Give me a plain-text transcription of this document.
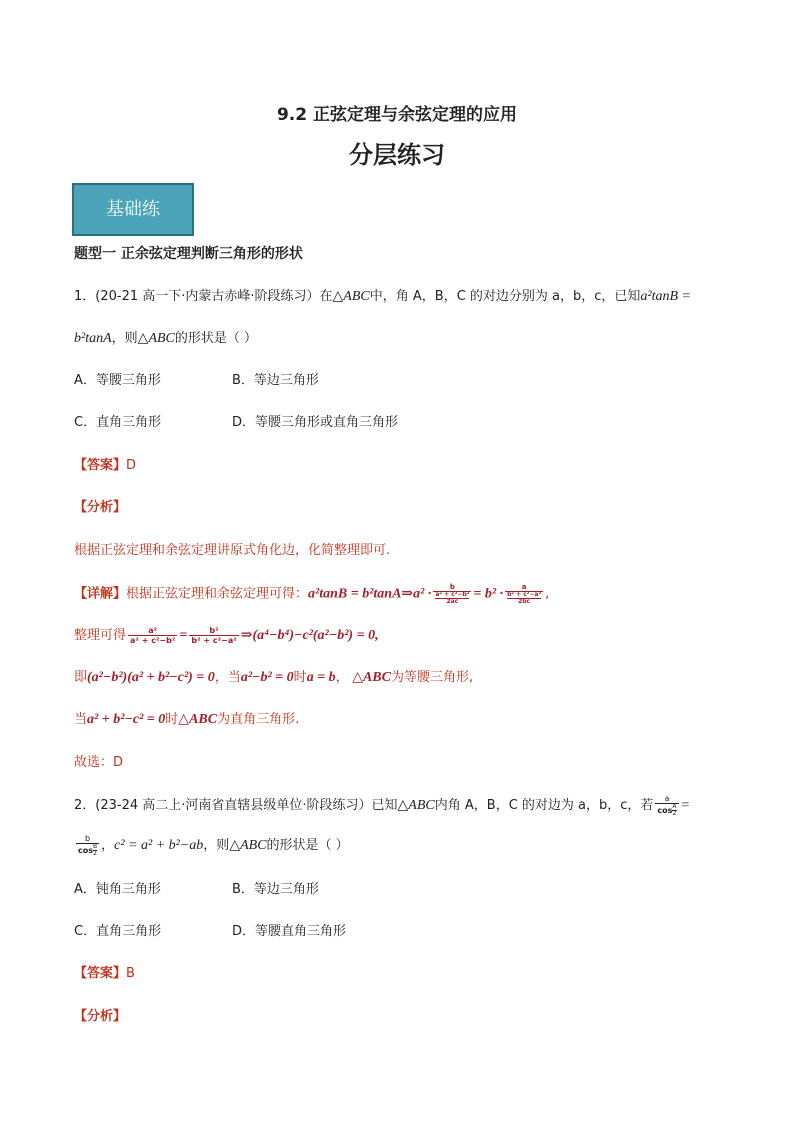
9.2 正弦定理与余弦定理的应用
分层练习
基础练
题型一 正余弦定理判断三角形的形状
1．(20-21 高一下·内蒙古赤峰·阶段练习）在△ABC中，角 A，B，C 的对边分别为 a，b，c，已知a²tanB =
b²tanA，则△ABC的形状是（ ）
A．等腰三角形	B．等边三角形
C．直角三角形	D．等腰三角形或直角三角形
【答案】D
【分析】
根据正弦定理和余弦定理讲原式角化边，化简整理即可.
【详解】根据正弦定理和余弦定理可得：a²tanB = b²tanA⇒a² · $\frac{b}{\frac{\text{a² + c²−b²}}{2ac}} = b^2 \cdot \frac{a}{\frac{\text{b² + c²−a²}}{2bc}}$ ,
整理可得 $\frac{\text{a²}}{\text{a² + c²−b²}} = \frac{\text{b²}}{\text{b² + c²−a²}}$ ⇒(a⁴−b⁴)−c²(a²−b²) = 0,
即(a²−b²)(a² + b²−c²) = 0，当a²−b² = 0时a = b， △ABC为等腰三角形,
当a² + b²−c² = 0时△ABC为直角三角形.
故选：D
2．(23-24 高二上·河南省直辖县级单位·阶段练习）已知△ABC内角 A，B，C 的对边为 a，b，c，若 $\frac{a}{\cos \frac{A}{2}}$ =
$\frac{b}{\cos \frac{B}{2}}$ ，c² = a² + b²−ab，则△ABC的形状是（ ）
A．钝角三角形	B．等边三角形
C．直角三角形	D．等腰直角三角形
【答案】B
【分析】
